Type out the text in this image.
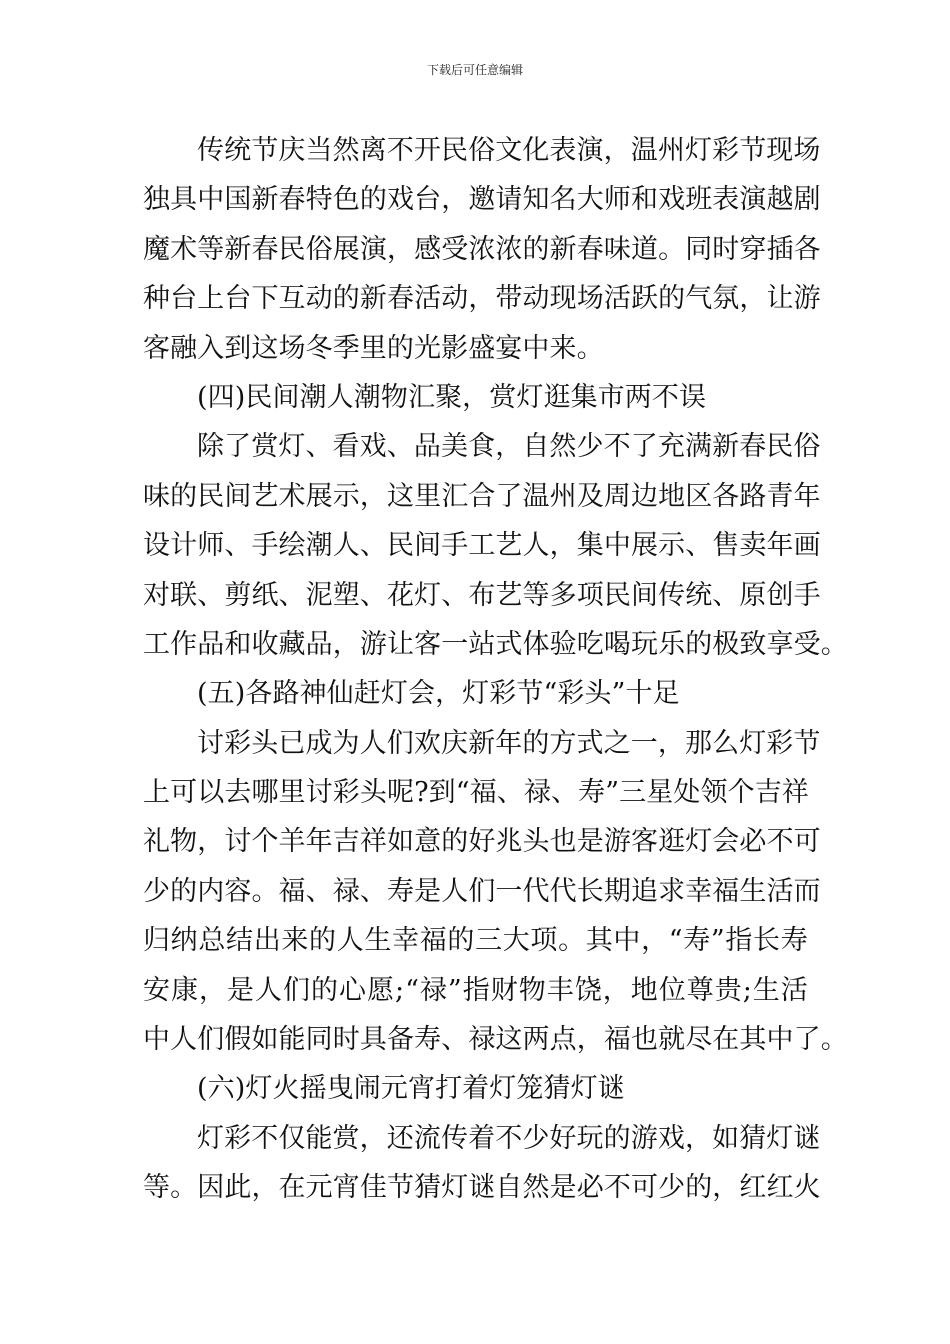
下载后可任意编辑
传 统 节 庆 当 然 离 不 开 民 俗 文 化 表 演 ， 温 州 灯 彩 节 现 场
独 具 中 国 新 春 特 色 的 戏 台 ， 邀 请 知 名 大 师 和 戏 班 表 演 越 剧
魔 术 等 新 春 民 俗 展 演 ， 感 受 浓 浓 的 新 春 味 道 。 同 时 穿 插 各
种 台 上 台 下 互 动 的 新 春 活 动 ， 带 动 现 场 活 跃 的 气 氛 ， 让 游
客融入到这场冬季里的光影盛宴中来。
(四)民间潮人潮物汇聚，赏灯逛集市两不误
除 了 赏 灯 、 看 戏 、 品 美 食 ， 自 然 少 不 了 充 满 新 春 民 俗
味 的 民 间 艺 术 展 示 ， 这 里 汇 合 了 温 州 及 周 边 地 区 各 路 青 年
设 计 师 、 手 绘 潮 人 、 民 间 手 工 艺 人 ， 集 中 展 示 、 售 卖 年 画
对 联 、 剪 纸 、 泥 塑 、 花 灯 、 布 艺 等 多 项 民 间 传 统 、 原 创 手
工 作 品 和 收 藏 品 ， 游 让 客 一 站 式 体 验 吃 喝 玩 乐 的 极 致 享 受 。
(五)各路神仙赶灯会，灯彩节“彩头”十足
讨 彩 头 已 成 为 人 们 欢 庆 新 年 的 方 式 之 一 ， 那 么 灯 彩 节
上 可 以 去 哪 里 讨 彩 头 呢 ? 到 “ 福 、 禄 、 寿 ” 三 星 处 领 个 吉 祥
礼 物 ， 讨 个 羊 年 吉 祥 如 意 的 好 兆 头 也 是 游 客 逛 灯 会 必 不 可
少 的 内 容 。 福 、 禄 、 寿 是 人 们 一 代 代 长 期 追 求 幸 福 生 活 而
归 纳 总 结 出 来 的 人 生 幸 福 的 三 大 项 。 其 中 ， “ 寿 ” 指 长 寿
安 康 ， 是 人 们 的 心 愿 ; “ 禄 ” 指 财 物 丰 饶 ， 地 位 尊 贵 ; 生 活
中 人 们 假 如 能 同 时 具 备 寿 、 禄 这 两 点 ， 福 也 就 尽 在 其 中 了 。
(六)灯火摇曳闹元宵打着灯笼猜灯谜
灯 彩 不 仅 能 赏 ， 还 流 传 着 不 少 好 玩 的 游 戏 ， 如 猜 灯 谜
等 。 因 此 ， 在 元 宵 佳 节 猜 灯 谜 自 然 是 必 不 可 少 的 ， 红 红 火
